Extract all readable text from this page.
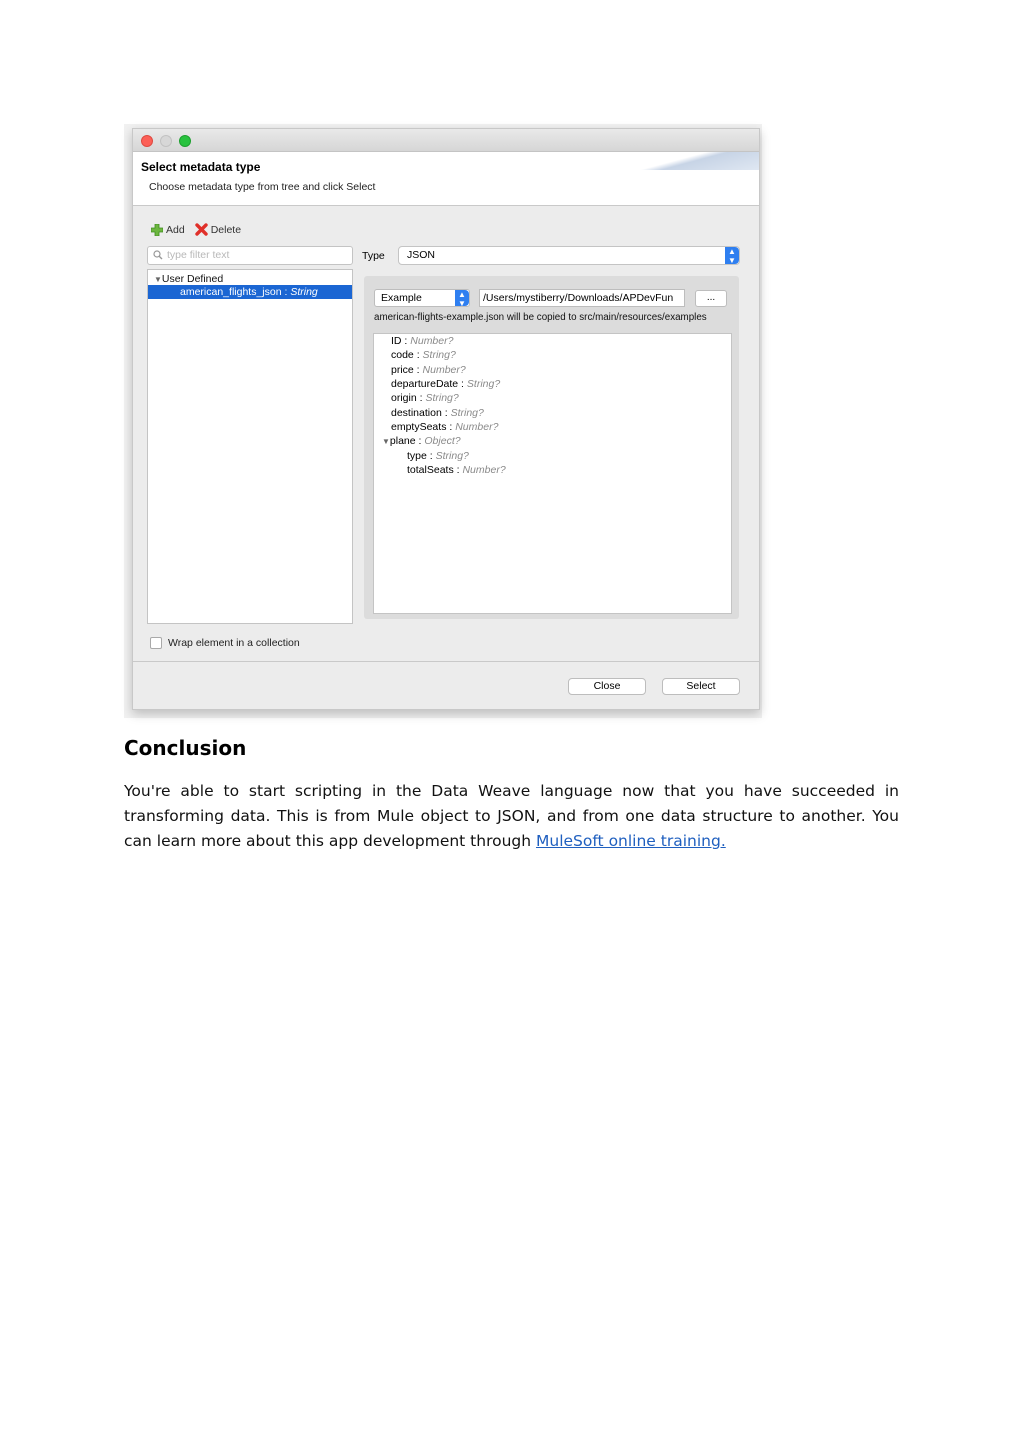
Select metadata type
Choose metadata type from tree and click Select
Add Delete
type filter text
▼User Defined
american_flights_json : String
Type JSON	▲
▼
Example	▲
▼ /Users/mystiberry/Downloads/APDevFun	...
american-flights-example.json will be copied to src/main/resources/examples
ID : Number?
code : String?
price : Number?
departureDate : String?
origin : String?
destination : String?
emptySeats : Number?
▼plane : Object?
type : String?
totalSeats : Number?
Wrap element in a collection
Close	Select
Conclusion
You're able to start scripting in the Data Weave language now that you have succeeded in transforming data. This is from Mule object to JSON, and from one data structure to another. You can learn more about this app development through MuleSoft online training.
